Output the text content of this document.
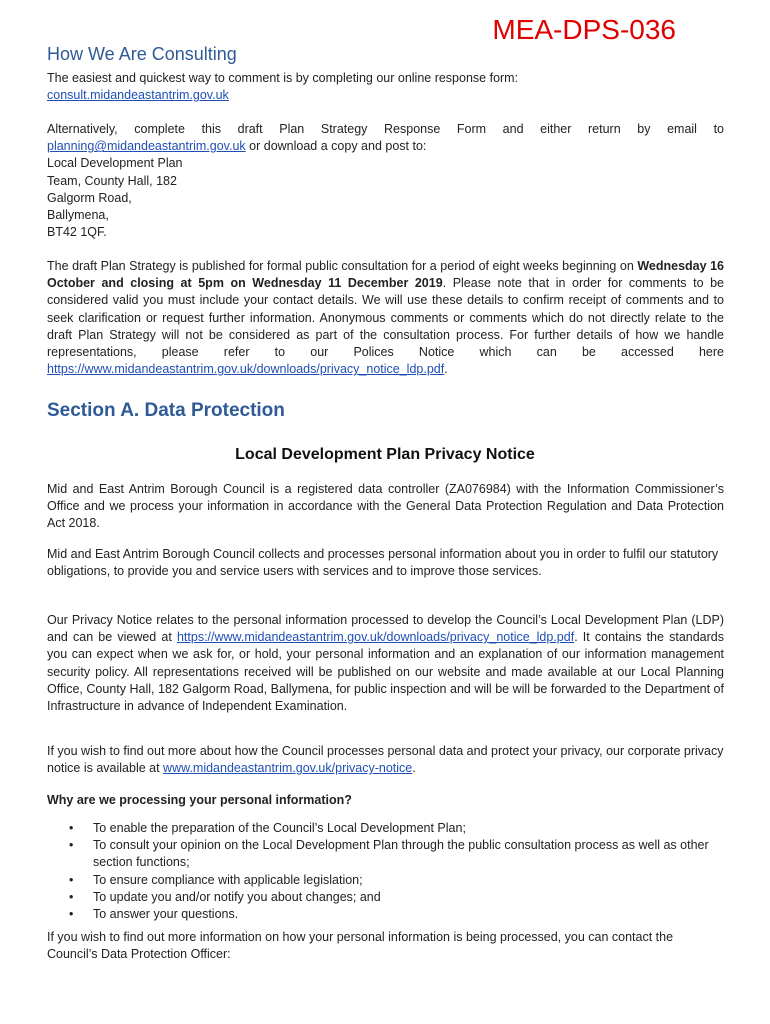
MEA-DPS-036
How We Are Consulting

The easiest and quickest way to comment is by completing our online response form:
consult.midandeastantrim.gov.uk

Alternatively, complete this draft Plan Strategy Response Form and either return by email to planning@midandeastantrim.gov.uk or download a copy and post to:

Local Development Plan
Team, County Hall, 182
Galgorm Road,
Ballymena,
BT42 1QF.

The draft Plan Strategy is published for formal public consultation for a period of eight weeks beginning on Wednesday 16 October and closing at 5pm on Wednesday 11 December 2019. Please note that in order for comments to be considered valid you must include your contact details. We will use these details to confirm receipt of comments and to seek clarification or request further information. Anonymous comments or comments which do not directly relate to the draft Plan Strategy will not be considered as part of the consultation process. For further details of how we handle representations, please refer to our Polices Notice which can be accessed here https://www.midandeastantrim.gov.uk/downloads/privacy_notice_ldp.pdf.

Section A. Data Protection
Local Development Plan Privacy Notice

Mid and East Antrim Borough Council is a registered data controller (ZA076984) with the Information Commissioner’s Office and we process your information in accordance with the General Data Protection Regulation and Data Protection Act 2018.

Mid and East Antrim Borough Council collects and processes personal information about you in order to fulfil our statutory obligations, to provide you and service users with services and to improve those services.

Our Privacy Notice relates to the personal information processed to develop the Council’s Local Development Plan (LDP) and can be viewed at https://www.midandeastantrim.gov.uk/downloads/privacy_notice_ldp.pdf. It contains the standards you can expect when we ask for, or hold, your personal information and an explanation of our information management security policy. All representations received will be published on our website and made available at our Local Planning Office, County Hall, 182 Galgorm Road, Ballymena, for public inspection and will be will be forwarded to the Department of Infrastructure in advance of Independent Examination.

If you wish to find out more about how the Council processes personal data and protect your privacy, our corporate privacy notice is available at www.midandeastantrim.gov.uk/privacy-notice.

Why are we processing your personal information?

• To enable the preparation of the Council’s Local Development Plan;
• To consult your opinion on the Local Development Plan through the public consultation process as well as other section functions;
• To ensure compliance with applicable legislation;
• To update you and/or notify you about changes; and
• To answer your questions.

If you wish to find out more information on how your personal information is being processed, you can contact the Council’s Data Protection Officer:
